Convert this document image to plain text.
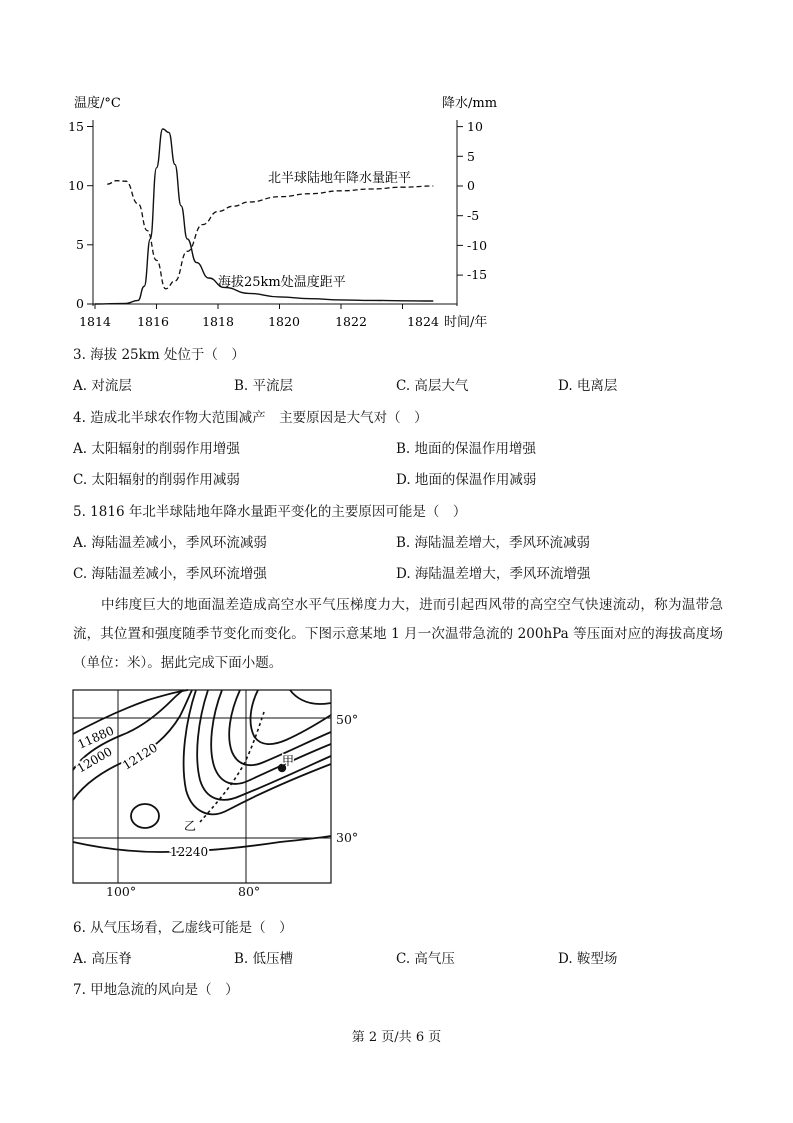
0
5
10
15	10
5
0
-5
-10
-15
1814 1816	1818	1820	1822	1824
温度/°C	降水/mm
时间/年
北半球陆地年降水量距平
海拔25km处温度距平
3. 海拔 25km 处位于（　）
A. 对流层	B. 平流层	C. 高层大气	D. 电离层
4. 造成北半球农作物大范围减产　主要原因是大气对（　）
A. 太阳辐射的削弱作用增强	B. 地面的保温作用增强
C. 太阳辐射的削弱作用减弱	D. 地面的保温作用减弱
5. 1816 年北半球陆地年降水量距平变化的主要原因可能是（　）
A. 海陆温差减小，季风环流减弱	B. 海陆温差增大，季风环流减弱
C. 海陆温差减小，季风环流增强	D. 海陆温差增大，季风环流增强
中纬度巨大的地面温差造成高空水平气压梯度力大，进而引起西风带的高空空气快速流动，称为温带急流，其位置和强度随季节变化而变化。下图示意某地 1 月一次温带急流的 200hPa 等压面对应的海拔高度场（单位：米）。据此完成下面小题。
11880
12000 12120
12240
甲
乙
50°
30°
100°	80°
6. 从气压场看，乙虚线可能是（　）
A. 高压脊	B. 低压槽	C. 高气压	D. 鞍型场
7. 甲地急流的风向是（　）
第 2 页/共 6 页
